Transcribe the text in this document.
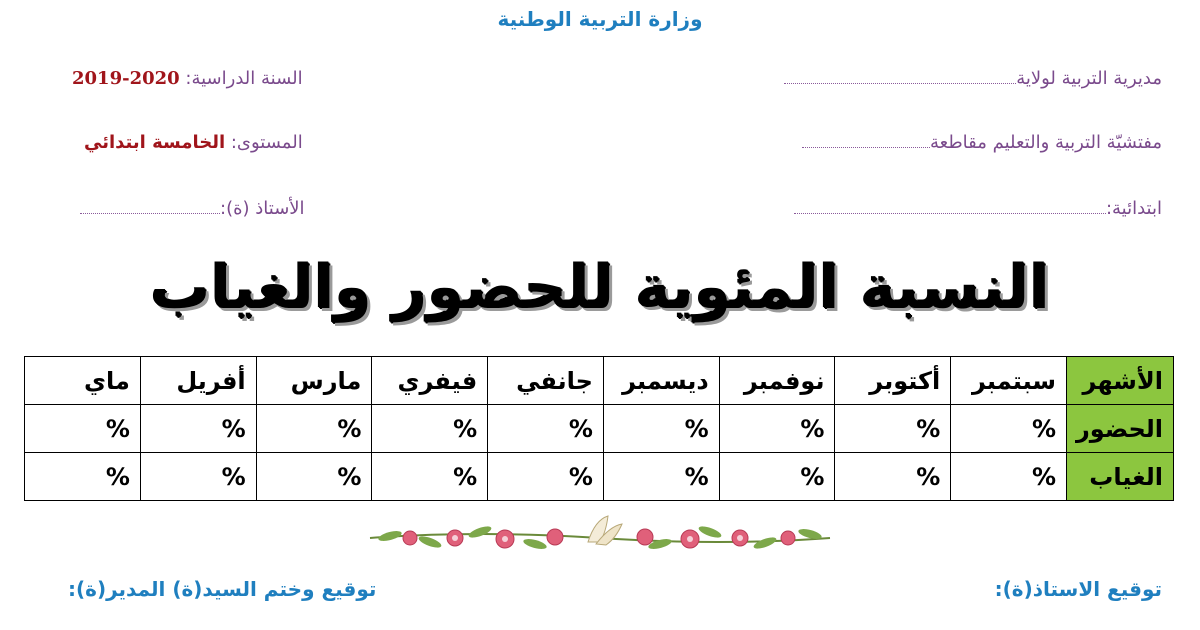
وزارة التربية الوطنية
مديرية التربية لولاية
مفتشيّة التربية والتعليم مقاطعة
ابتدائية:
السنة الدراسية: 2019-2020
المستوى: الخامسة ابتدائي
الأستاذ (ة):
النسبة المئوية للحضور والغياب
الأشهر	سبتمبر	أكتوبر	نوفمبر	ديسمبر	جانفي	فيفري	مارس	أفريل	ماي
الحضور	%	%	%	%	%	%	%	%	%
الغياب	%	%	%	%	%	%	%	%	%
توقيع الاستاذ(ة):
توقيع وختم السيد(ة) المدير(ة):
